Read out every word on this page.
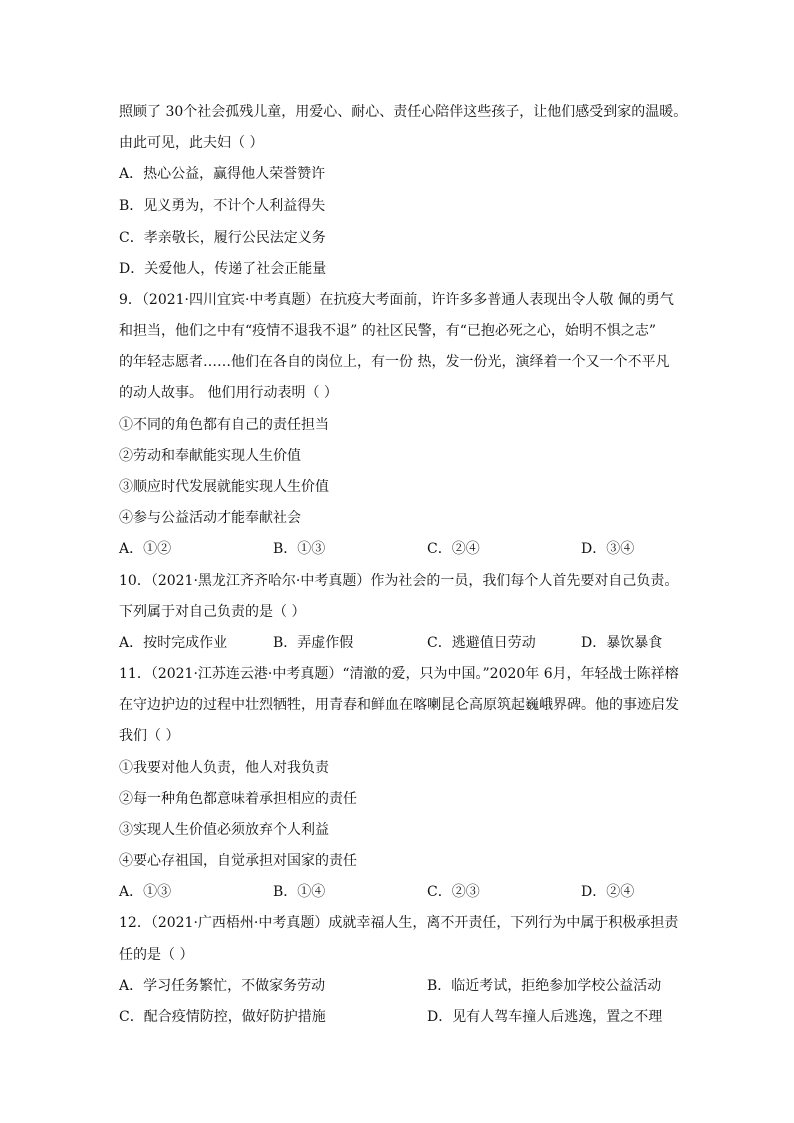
照顾了 30个社会孤残儿童，用爱心、耐心、责任心陪伴这些孩子，让他们感受到家的温暖。
由此可见，此夫妇（ ）
A．热心公益，赢得他人荣誉赞许
B．见义勇为，不计个人利益得失
C．孝亲敬长，履行公民法定义务
D．关爱他人，传递了社会正能量
9．（2021·四川宜宾·中考真题）在抗疫大考面前，许许多多普通人表现出令人敬 佩的勇气
和担当，他们之中有“疫情不退我不退” 的社区民警，有“已抱必死之心，始明不惧之志”
的年轻志愿者……他们在各自的岗位上，有一份 热，发一份光，演绎着一个又一个不平凡
的动人故事。 他们用行动表明（ ）
①不同的角色都有自己的责任担当
②劳动和奉献能实现人生价值
③顺应时代发展就能实现人生价值
④参与公益活动才能奉献社会
A．①②	B．①③	C．②④	D．③④
10．（2021·黑龙江齐齐哈尔·中考真题）作为社会的一员，我们每个人首先要对自己负责。
下列属于对自己负责的是（ ）
A．按时完成作业	B．弄虚作假	C．逃避值日劳动	D．暴饮暴食
11．（2021·江苏连云港·中考真题）“清澈的爱，只为中国。”2020年 6月，年轻战士陈祥榕
在守边护边的过程中壮烈牺牲，用青春和鲜血在喀喇昆仑高原筑起巍峨界碑。他的事迹启发
我们（ ）
①我要对他人负责，他人对我负责
②每一种角色都意味着承担相应的责任
③实现人生价值必须放弃个人利益
④要心存祖国，自觉承担对国家的责任
A．①③	B．①④	C．②③	D．②④
12．（2021·广西梧州·中考真题）成就幸福人生，离不开责任，下列行为中属于积极承担责
任的是（ ）
A．学习任务繁忙，不做家务劳动	B．临近考试，拒绝参加学校公益活动
C．配合疫情防控，做好防护措施	D．见有人驾车撞人后逃逸，置之不理
